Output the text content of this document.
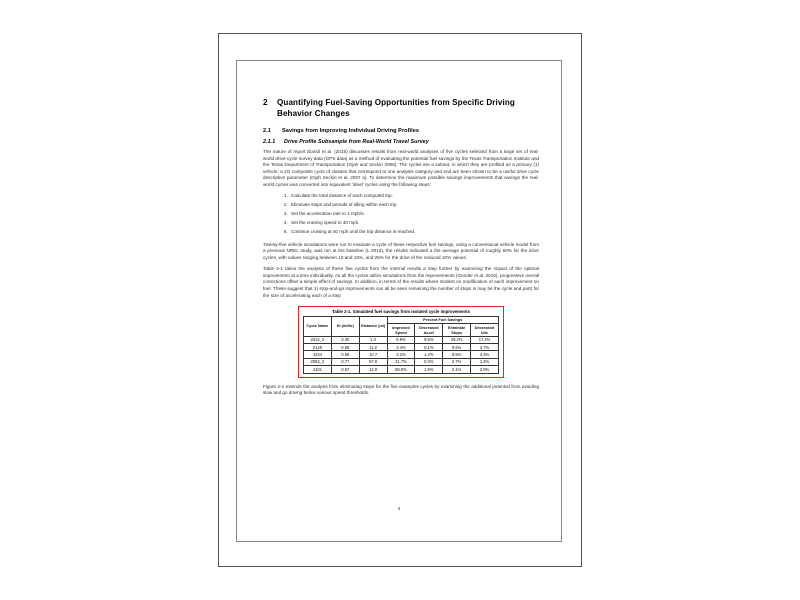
2 Quantifying Fuel-Saving Opportunities from Specific Driving
Behavior Changes
2.1 Savings from Improving Individual Driving Profiles
2.1.1 Drive Profile Subsample from Real-World Travel Survey

The nature of report Elaridi et al. (2016) discusses results from real-world analyses of five cycles selected from a large set of real-world drive-cycle survey data (GPS data) as a method of evaluating the potential fuel savings by the Texas Transportation Institute and the Texas Department of Transportation (Ojah and Seckin 2008). The cycles are a subset, in which they are profiled as a primary (1) vehicle; a 2G composite cycle of classes that correspond to one analysis category and end are been shown to be a useful drive cycle descriptive parameter (Ojah Seckin et al. 2007 a). To determine the maximum possible savings improvements that savings the real-world cycles was converted into equivalent 'ideal' cycles using the following steps:

1. Calculate the total distance of each computed trip.
2. Eliminate stops and periods of idling within each trip.
3. Set the acceleration rate to 1 mph/s.
4. Set the cruising speed to 40 mph.
5. Continue cruising at 40 mph until the trip distance is reached.

Twenty-five vehicle simulations were run to evaluate a cycle of these respective fuel savings, using a conventional vehicle model from a previous NREL study, was run at the baseline (L 2013), the results indicated a the average potential of roughly 60% for the drive cycles, with values ranging between 10 and 15%, and 25% for the drive of the reduced 10% values.

Table 2-1 takes the analysis of these five cycles from the internal results a step further by examining the impact of the optimal improvement at a time individually. As all the cycles utilize simulations from the improvements (Gonder et al. 2010), progressive overall corrections offset a simple effect of savings. In addition, in terms of the results where modest on modification of each improvement on fuel. These suggest that 1) stop-and-go improvements can all be seen remaining the number of stops is may be the cycle and part) for the size of accelerating each of a step

Table 2-1. Simulated fuel savings from isolated cycle improvements
Cycle Name	Kl (mi/hr)	Distance (mi)	Percent Fuel Savings			
			Improved Speed	Decreased Accel	Eliminate Stops	Decreased Idle
2012_2	3.30	1.3	5.9%	9.5%	29.2%	17.4%
2145	0.68	11.2	2.4%	0.1%	9.5%	2.7%
4234	0.59	10.7	3.2%	1.3%	8.5%	3.3%
2062_2	0.77	57.8	21.7%	0.3%	2.7%	1.2%
4101	0.67	12.9	58.0%	1.9%	2.1%	2.0%

Figure 2-1 extends the analysis from eliminating stops for the five examples cycles by examining the additional potential from avoiding slow and go driving below various speed thresholds.

3
